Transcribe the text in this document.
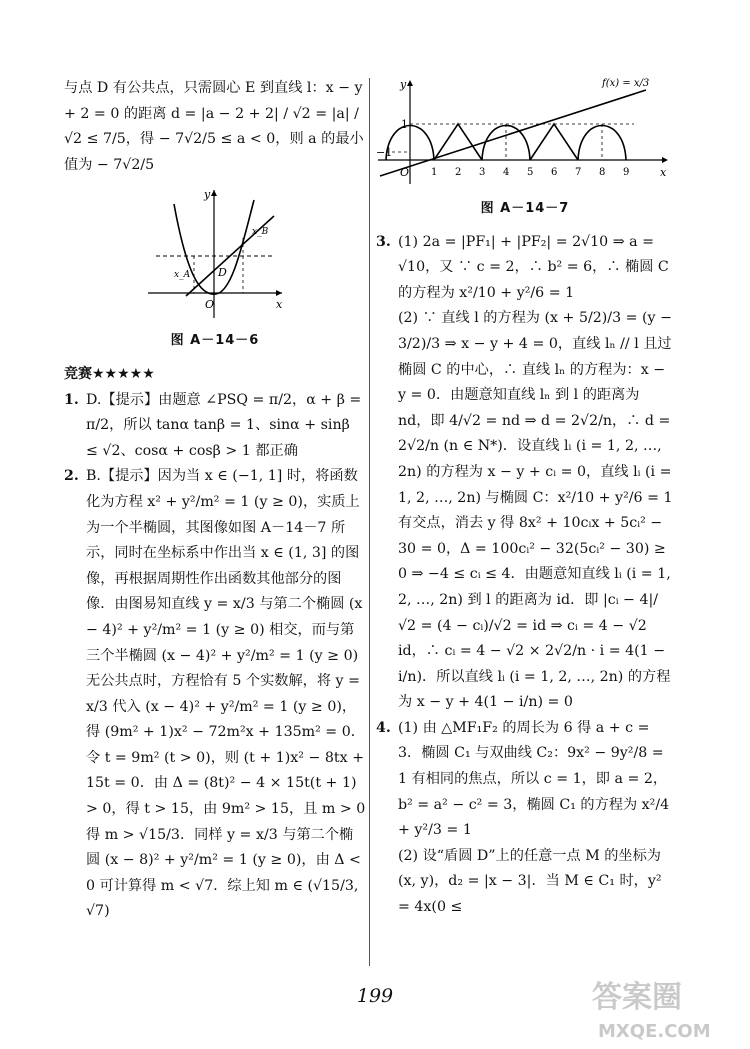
与点 D 有公共点，只需圆心 E 到直线 l：x − y + 2 = 0 的距离 d = |a − 2 + 2| / √2 = |a| / √2 ≤ 7/5，得 − 7√2/5 ≤ a < 0，则 a 的最小值为 − 7√2/5

y
x
O
D
x_A
x_B
图 A－14－6
竞赛★★★★★

1. D.【提示】由题意 ∠PSQ = π/2，α + β = π/2，所以 tanα tanβ = 1、sinα + sinβ ≤ √2、cosα + cosβ > 1 都正确

2. B.【提示】因为当 x ∈ (−1, 1] 时，将函数化为方程 x² + y²/m² = 1 (y ≥ 0)，实质上为一个半椭圆，其图像如图 A－14－7 所示，同时在坐标系中作出当 x ∈ (1, 3] 的图像，再根据周期性作出函数其他部分的图像．由图易知直线 y = x/3 与第二个椭圆 (x − 4)² + y²/m² = 1 (y ≥ 0) 相交，而与第三个半椭圆 (x − 4)² + y²/m² = 1 (y ≥ 0) 无公共点时，方程恰有 5 个实数解，将 y = x/3 代入 (x − 4)² + y²/m² = 1 (y ≥ 0)，得 (9m² + 1)x² − 72m²x + 135m² = 0．令 t = 9m² (t > 0)，则 (t + 1)x² − 8tx + 15t = 0．由 Δ = (8t)² − 4 × 15t(t + 1) > 0，得 t > 15，由 9m² > 15，且 m > 0 得 m > √15/3．同样 y = x/3 与第二个椭圆 (x − 8)² + y²/m² = 1 (y ≥ 0)，由 Δ < 0 可计算得 m < √7．综上知 m ∈ (√15/3, √7)

y
x
O
1
−1
f(x) = x/3
1 2 3 4 5 6 7 8 9
图 A－14－7

3. (1) 2a = |PF₁| + |PF₂| = 2√10 ⇒ a = √10，又 ∵ c = 2，∴ b² = 6，∴ 椭圆 C 的方程为 x²/10 + y²/6 = 1

(2) ∵ 直线 l 的方程为 (x + 5/2)/3 = (y − 3/2)/3 ⇒ x − y + 4 = 0，直线 lₙ // l 且过椭圆 C 的中心，∴ 直线 lₙ 的方程为：x − y = 0．由题意知直线 lₙ 到 l 的距离为 nd，即 4/√2 = nd ⇒ d = 2√2/n，∴ d = 2√2/n (n ∈ N*)．设直线 lᵢ (i = 1, 2, …, 2n) 的方程为 x − y + cᵢ = 0，直线 lᵢ (i = 1, 2, …, 2n) 与椭圆 C：x²/10 + y²/6 = 1 有交点，消去 y 得 8x² + 10cᵢx + 5cᵢ² − 30 = 0，Δ = 100cᵢ² − 32(5cᵢ² − 30) ≥ 0 ⇒ −4 ≤ cᵢ ≤ 4．由题意知直线 lᵢ (i = 1, 2, …, 2n) 到 l 的距离为 id．即 |cᵢ − 4|/√2 = (4 − cᵢ)/√2 = id ⇒ cᵢ = 4 − √2 id，∴ cᵢ = 4 − √2 × 2√2/n · i = 4(1 − i/n)．所以直线 lᵢ (i = 1, 2, …, 2n) 的方程为 x − y + 4(1 − i/n) = 0

4. (1) 由 △MF₁F₂ 的周长为 6 得 a + c = 3．椭圆 C₁ 与双曲线 C₂：9x² − 9y²/8 = 1 有相同的焦点，所以 c = 1，即 a = 2，b² = a² − c² = 3，椭圆 C₁ 的方程为 x²/4 + y²/3 = 1

(2) 设“盾圆 D”上的任意一点 M 的坐标为 (x, y)，d₂ = |x − 3|．当 M ∈ C₁ 时，y² = 4x(0 ≤

199	答案圈
MXQE.COM
